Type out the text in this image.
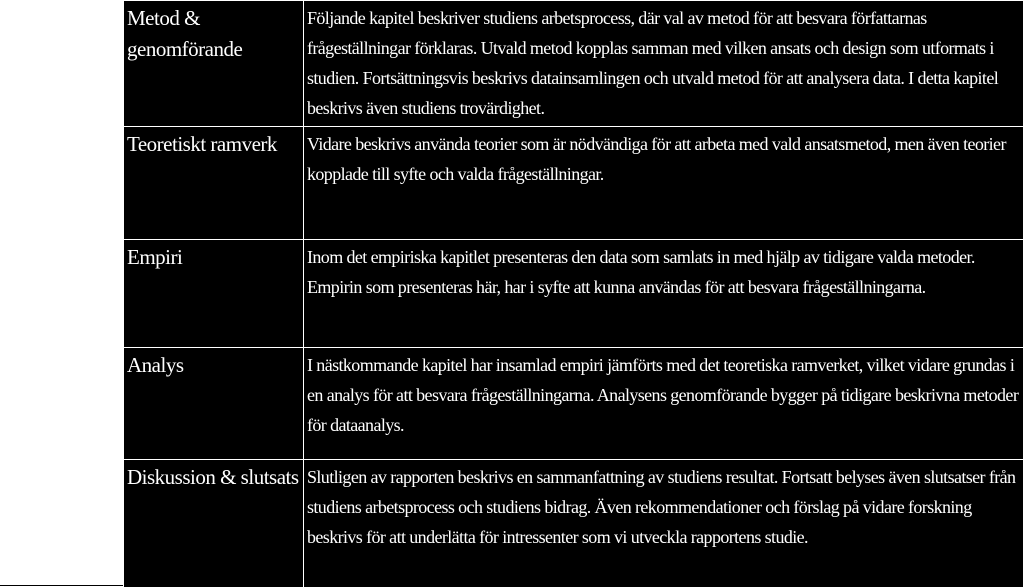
Metod & genomförande	Följande kapitel beskriver studiens arbetsprocess, där val av metod för att besvara författarnas frågeställningar förklaras. Utvald metod kopplas samman med vilken ansats och design som utformats i studien. Fortsättningsvis beskrivs datainsamlingen och utvald metod för att analysera data. I detta kapitel beskrivs även studiens trovärdighet.
Teoretiskt ramverk	Vidare beskrivs använda teorier som är nödvändiga för att arbeta med vald ansatsmetod, men även teorier kopplade till syfte och valda frågeställningar.
Empiri	Inom det empiriska kapitlet presenteras den data som samlats in med hjälp av tidigare valda metoder. Empirin som presenteras här, har i syfte att kunna användas för att besvara frågeställningarna.
Analys	I nästkommande kapitel har insamlad empiri jämförts med det teoretiska ramverket, vilket vidare grundas i en analys för att besvara frågeställningarna. Analysens genomförande bygger på tidigare beskrivna metoder för dataanalys.
Diskussion & slutsats	Slutligen av rapporten beskrivs en sammanfattning av studiens resultat. Fortsatt belyses även slutsatser från studiens arbetsprocess och studiens bidrag. Även rekommendationer och förslag på vidare forskning beskrivs för att underlätta för intressenter som vi utveckla rapportens studie.
